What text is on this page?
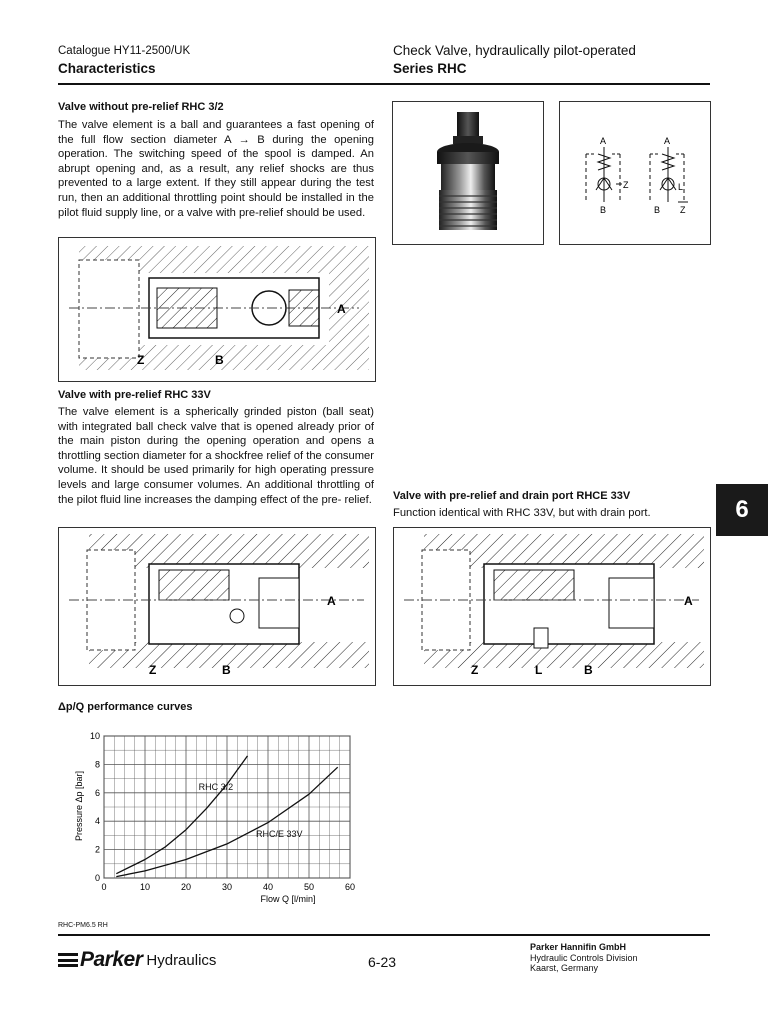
Catalogue HY11-2500/UK
Characteristics
Check Valve, hydraulically pilot-operated
Series RHC
Valve without pre-relief RHC 3/2
The valve element is a ball and guarantees a fast opening of the full flow section diameter A → B during the opening operation. The switching speed of the spool is damped. An abrupt opening and, as a result, any relief shocks are thus prevented to a large extent. If they still appear during the test run, then an additional throttling point should be installed in the pilot fluid supply line, or a valve with pre-relief should be used.
A
B
Z
A
B
L
Z
A
Z	B
Valve with pre-relief RHC 33V
The valve element is a spherically grinded piston (ball seat) with integrated ball check valve that is opened already prior of the main piston during the opening operation and opens a throttling section diameter for a shockfree relief of the consumer volume. It should be used primarily for high operating pressure levels and large consumer volumes. An additional throttling of the pilot fluid line increases the damping effect of the pre- relief. Valve with pre-relief and drain port RHCE 33V
Function identical with RHC 33V, but with drain port.	6
A
Z	B
A
Z	L	B
Δp/Q performance curves
0	10	20	30	40	50	60
0
2
4
6
8
10
RHC 3/2
RHC/E 33V
Flow Q [l/min]
Pressure Δp [bar]
RHC-PM6.5 RH
Parker Hydraulics	6-23
Parker Hannifin GmbH
Hydraulic Controls Division
Kaarst, Germany
